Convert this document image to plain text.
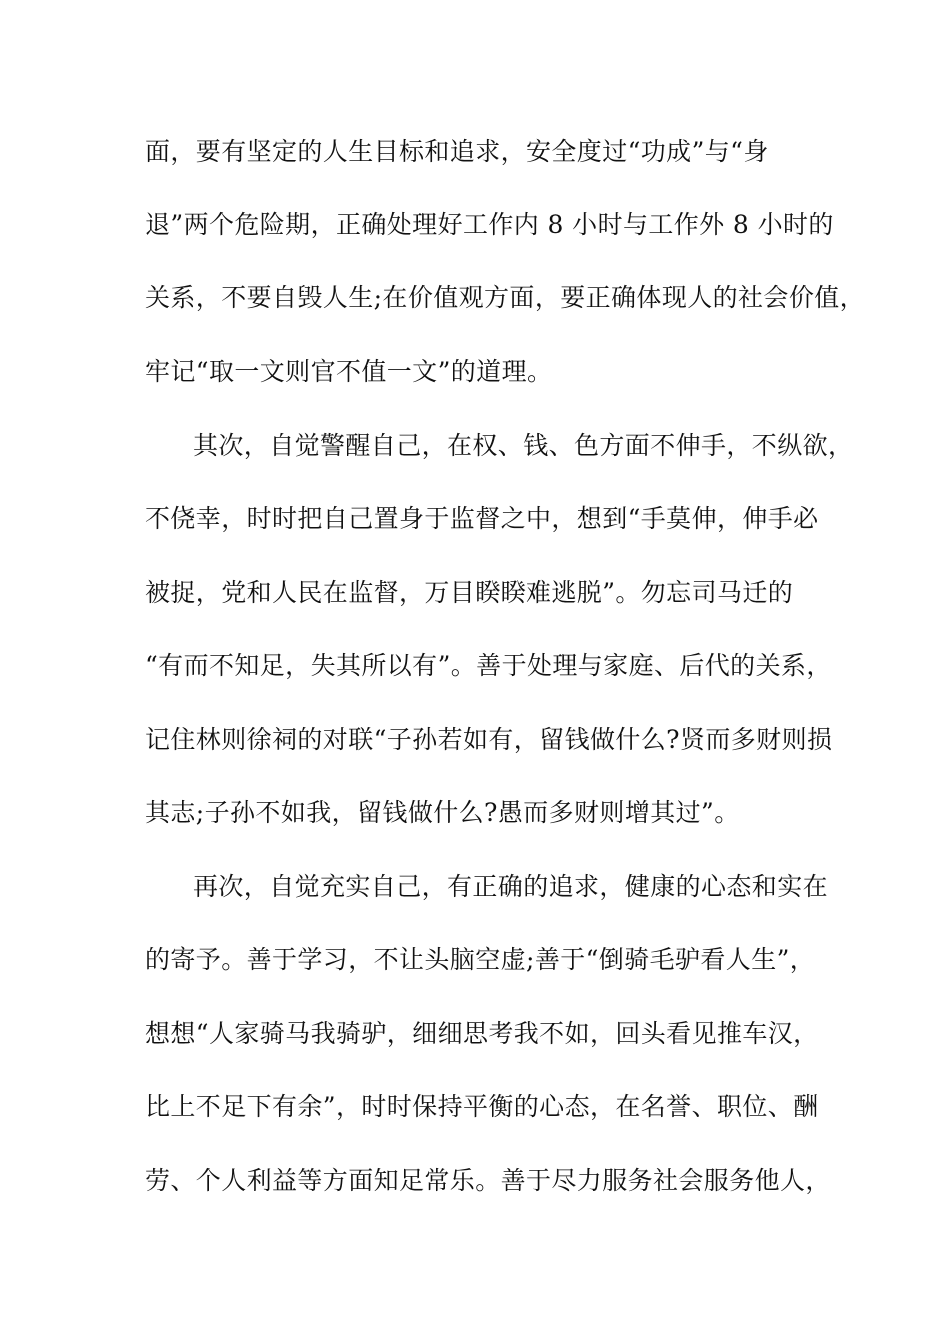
面，要有坚定的人生目标和追求，安全度过“功成”与“身
退”两个危险期，正确处理好工作内 8 小时与工作外 8 小时的
关系，不要自毁人生;在价值观方面，要正确体现人的社会价值，
牢记“取一文则官不值一文”的道理。
其次，自觉警醒自己，在权、钱、色方面不伸手，不纵欲，
不侥幸，时时把自己置身于监督之中，想到“手莫伸，伸手必
被捉，党和人民在监督，万目睽睽难逃脱”。勿忘司马迁的
“有而不知足，失其所以有”。善于处理与家庭、后代的关系，
记住林则徐祠的对联“子孙若如有，留钱做什么?贤而多财则损
其志;子孙不如我，留钱做什么?愚而多财则增其过”。
再次，自觉充实自己，有正确的追求，健康的心态和实在
的寄予。善于学习，不让头脑空虚;善于“倒骑毛驴看人生”，
想想“人家骑马我骑驴，细细思考我不如，回头看见推车汉，
比上不足下有余”，时时保持平衡的心态，在名誉、职位、酬
劳、个人利益等方面知足常乐。善于尽力服务社会服务他人，
